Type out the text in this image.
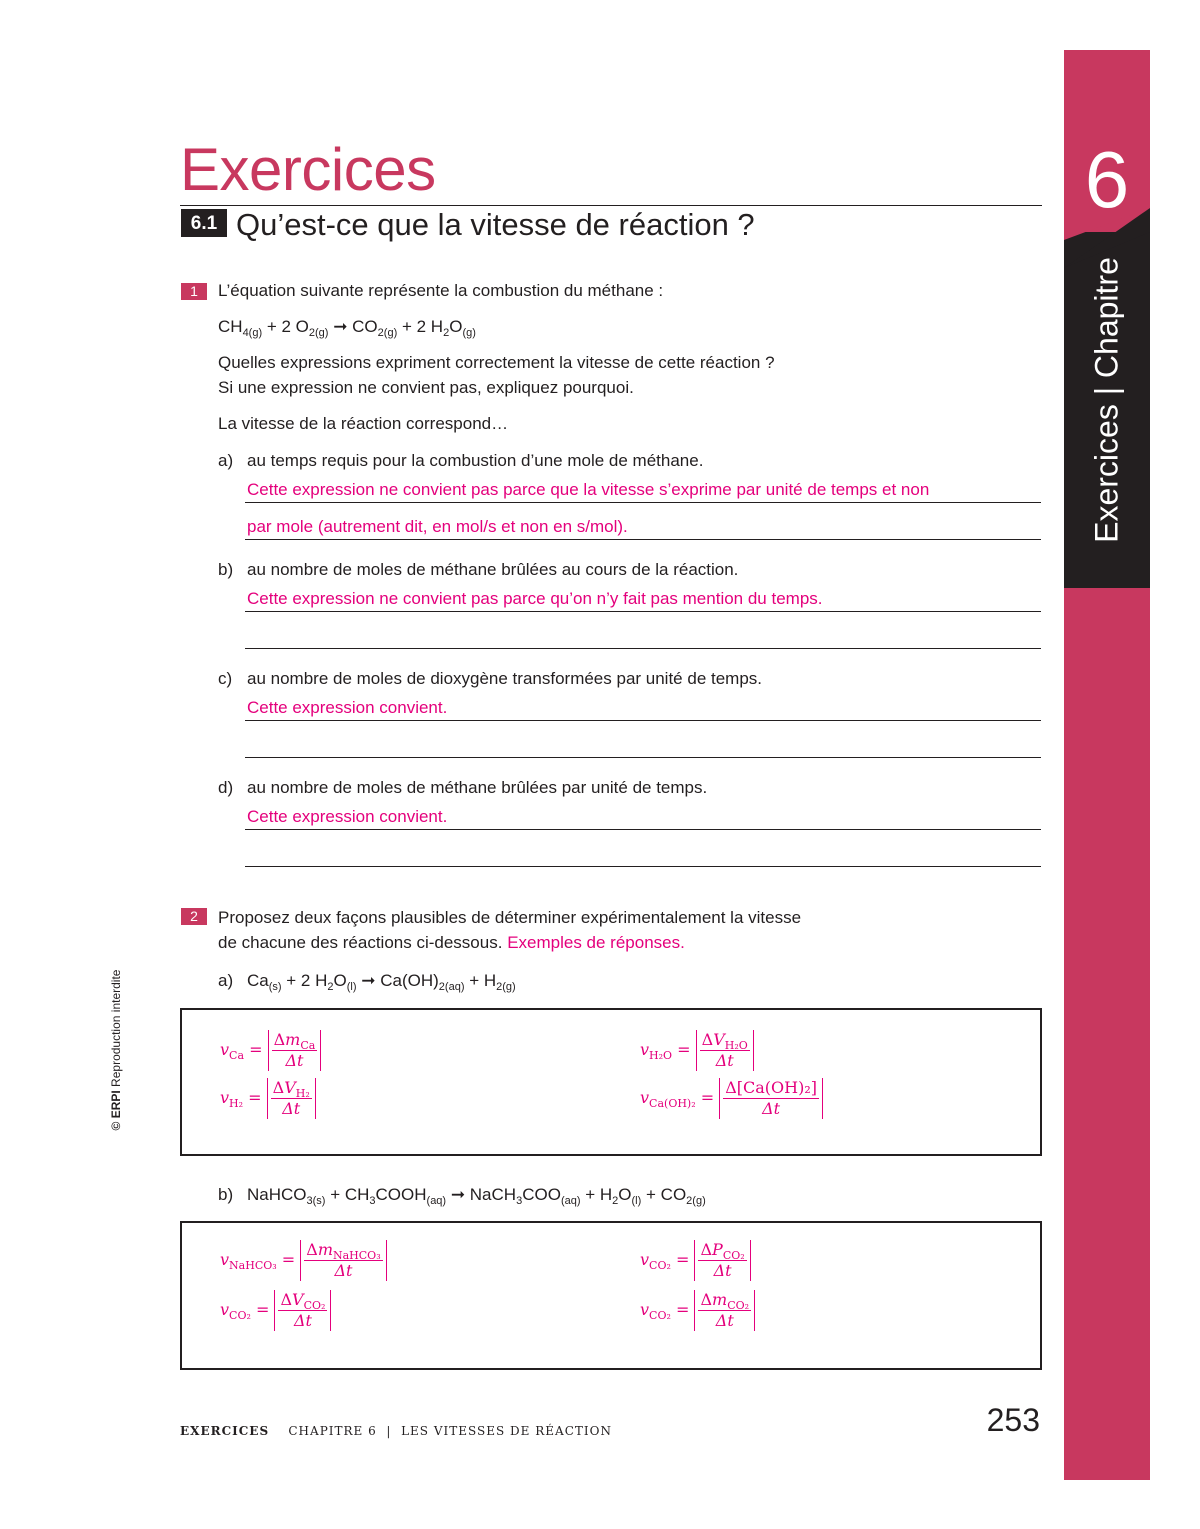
6
Exercices | Chapitre
Exercices
6.1 Qu’est-ce que la vitesse de réaction ?
1	L’équation suivante représente la combustion du méthane :
$CH_{4(g)} + 2$ $O_{2(g)}$ ➞ $CO_{2(g)} + 2$ $H_2O_{(g)}$
Quelles expressions expriment correctement la vitesse de cette réaction ?
Si une expression ne convient pas, expliquez pourquoi.
La vitesse de la réaction correspond…
a) au temps requis pour la combustion d’une mole de méthane.
Cette expression ne convient pas parce que la vitesse s’exprime par unité de temps et non
par mole (autrement dit, en mol/s et non en s/mol).
b) au nombre de moles de méthane brûlées au cours de la réaction.
Cette expression ne convient pas parce qu’on n’y fait pas mention du temps.
c) au nombre de moles de dioxygène transformées par unité de temps.
Cette expression convient.
d) au nombre de moles de méthane brûlées par unité de temps.
Cette expression convient.
2	Proposez deux façons plausibles de déterminer expérimentalement la vitesse
de chacune des réactions ci-dessous. Exemples de réponses.
a) $Ca_{(s)} + 2$ $H_2O_{(l)}$ ➞ $Ca(OH)_{2(aq)} + H_{2(g)}$
$v_{Ca} = \frac{\Delta m_{Ca}}{\Delta t}$
$v_{H_2} = \frac{\Delta V_{H_2}}{\Delta t}$
$v_{H_2O} = \frac{\Delta V_{H_2O}}{\Delta t}$
$v_{Ca(OH)_2} = \frac{\text{Δ[Ca(OH)₂]}}{\Delta t}$
b) NaHCO$_{3(s)}$ + $CH_3COOH_{(aq)}$ ➞ $NaCH_3COO_{(aq)} + H_2O_{(l)} + CO_{2(g)}$
$v_{NaHCO_3} = \frac{\Delta m_{NaHCO_3}}{\Delta t}$
$v_{CO_2} = \frac{\Delta V_{CO_2}}{\Delta t}$
$v_{CO_2} = \frac{\Delta P_{CO_2}}{\Delta t}$
$v_{CO_2} = \frac{\Delta m_{CO_2}}{\Delta t}$
© ERPI Reproduction interdite
EXERCICES CHAPITRE 6 | LES VITESSES DE RÉACTION	253
